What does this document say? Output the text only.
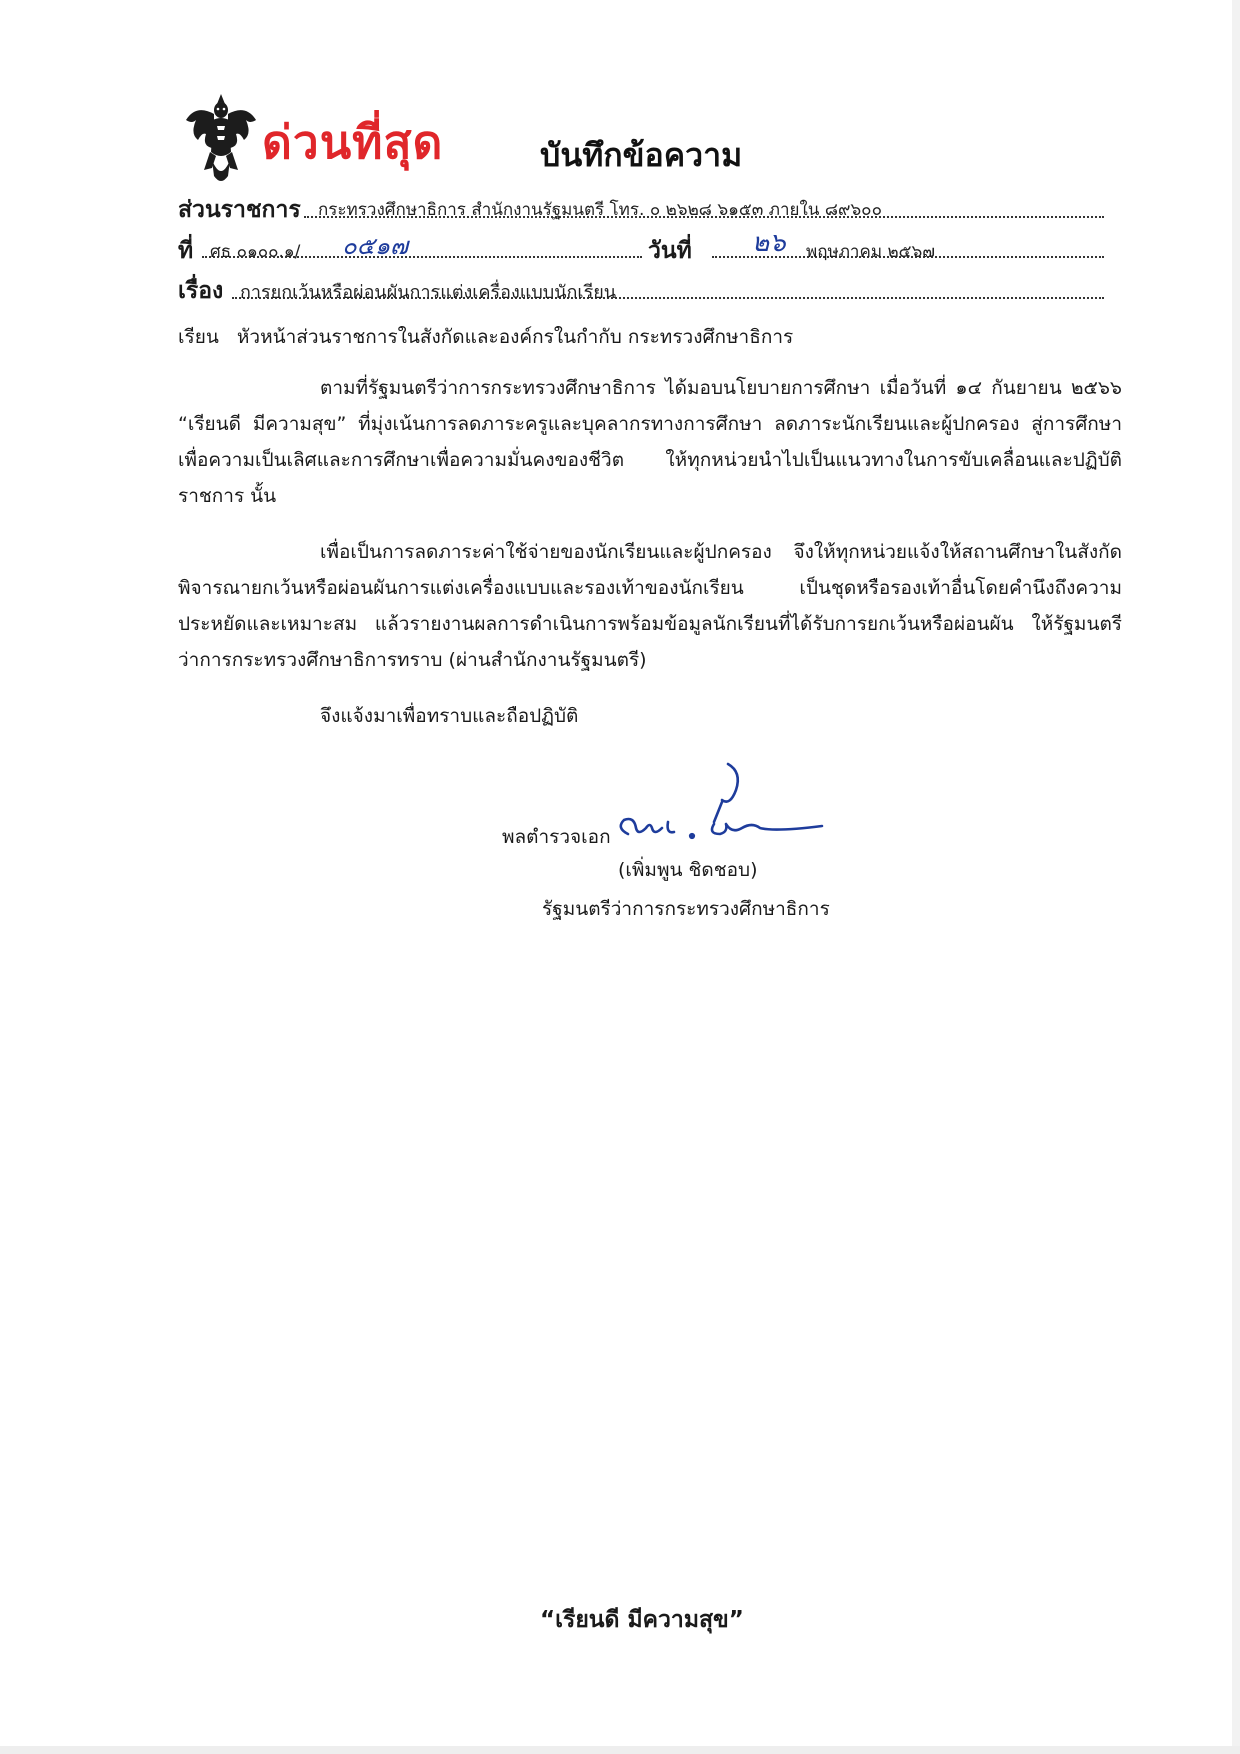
ด่วนที่สุด	บันทึกข้อความ
ส่วนราชการ กระทรวงศึกษาธิการ สำนักงานรัฐมนตรี โทร. ๐ ๒๖๒๘ ๖๑๕๓ ภายใน ๘๙๖๐๐
ที่ ศธ ๐๑๐๐.๑/ ๐๕๑๗	วันที่ ๒๖ พฤษภาคม ๒๕๖๗
เรื่อง การยกเว้นหรือผ่อนผันการแต่งเครื่องแบบนักเรียน
เรียน หัวหน้าส่วนราชการในสังกัดและองค์กรในกำกับ กระทรวงศึกษาธิการ
ตามที่รัฐมนตรีว่าการกระทรวงศึกษาธิการ ได้มอบนโยบายการศึกษา เมื่อวันที่ ๑๔ กันยายน ๒๕๖๖ “เรียนดี มีความสุข” ที่มุ่งเน้นการลดภาระครูและบุคลากรทางการศึกษา ลดภาระนักเรียนและผู้ปกครอง สู่การศึกษาเพื่อความเป็นเลิศและการศึกษาเพื่อความมั่นคงของชีวิต ให้ทุกหน่วยนำไปเป็นแนวทางในการขับเคลื่อนและปฏิบัติราชการ นั้น
เพื่อเป็นการลดภาระค่าใช้จ่ายของนักเรียนและผู้ปกครอง จึงให้ทุกหน่วยแจ้งให้สถานศึกษาในสังกัด พิจารณายกเว้นหรือผ่อนผันการแต่งเครื่องแบบและรองเท้าของนักเรียน เป็นชุดหรือรองเท้าอื่นโดยคำนึงถึงความประหยัดและเหมาะสม แล้วรายงานผลการดำเนินการพร้อมข้อมูลนักเรียนที่ได้รับการยกเว้นหรือผ่อนผัน ให้รัฐมนตรีว่าการกระทรวงศึกษาธิการทราบ (ผ่านสำนักงานรัฐมนตรี)
จึงแจ้งมาเพื่อทราบและถือปฏิบัติ
พลตำรวจเอก
(เพิ่มพูน ชิดชอบ)
รัฐมนตรีว่าการกระทรวงศึกษาธิการ
“เรียนดี มีความสุข”
